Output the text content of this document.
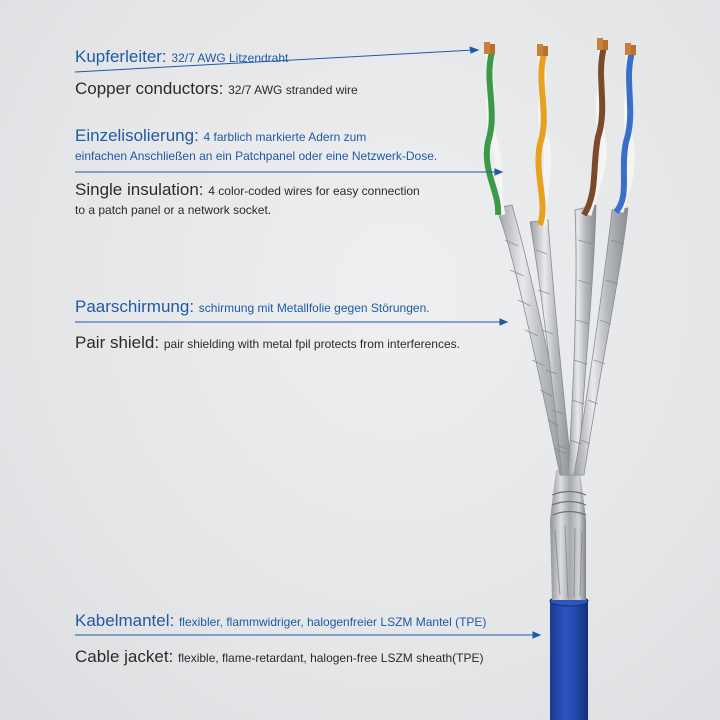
Kupferleiter: 32/7 AWG Litzendraht
Copper conductors: 32/7 AWG stranded wire
Einzelisolierung: 4 farblich markierte Adern zum
einfachen Anschließen an ein Patchpanel oder eine Netzwerk-Dose.
Single insulation: 4 color-coded wires for easy connection
to a patch panel or a network socket.
Paarschirmung: schirmung mit Metallfolie gegen Störungen.
Pair shield: pair shielding with metal fpil protects from interferences.
Kabelmantel: flexibler, flammwidriger, halogenfreier LSZM Mantel (TPE)
Cable jacket: flexible, flame-retardant, halogen-free LSZM sheath(TPE)
